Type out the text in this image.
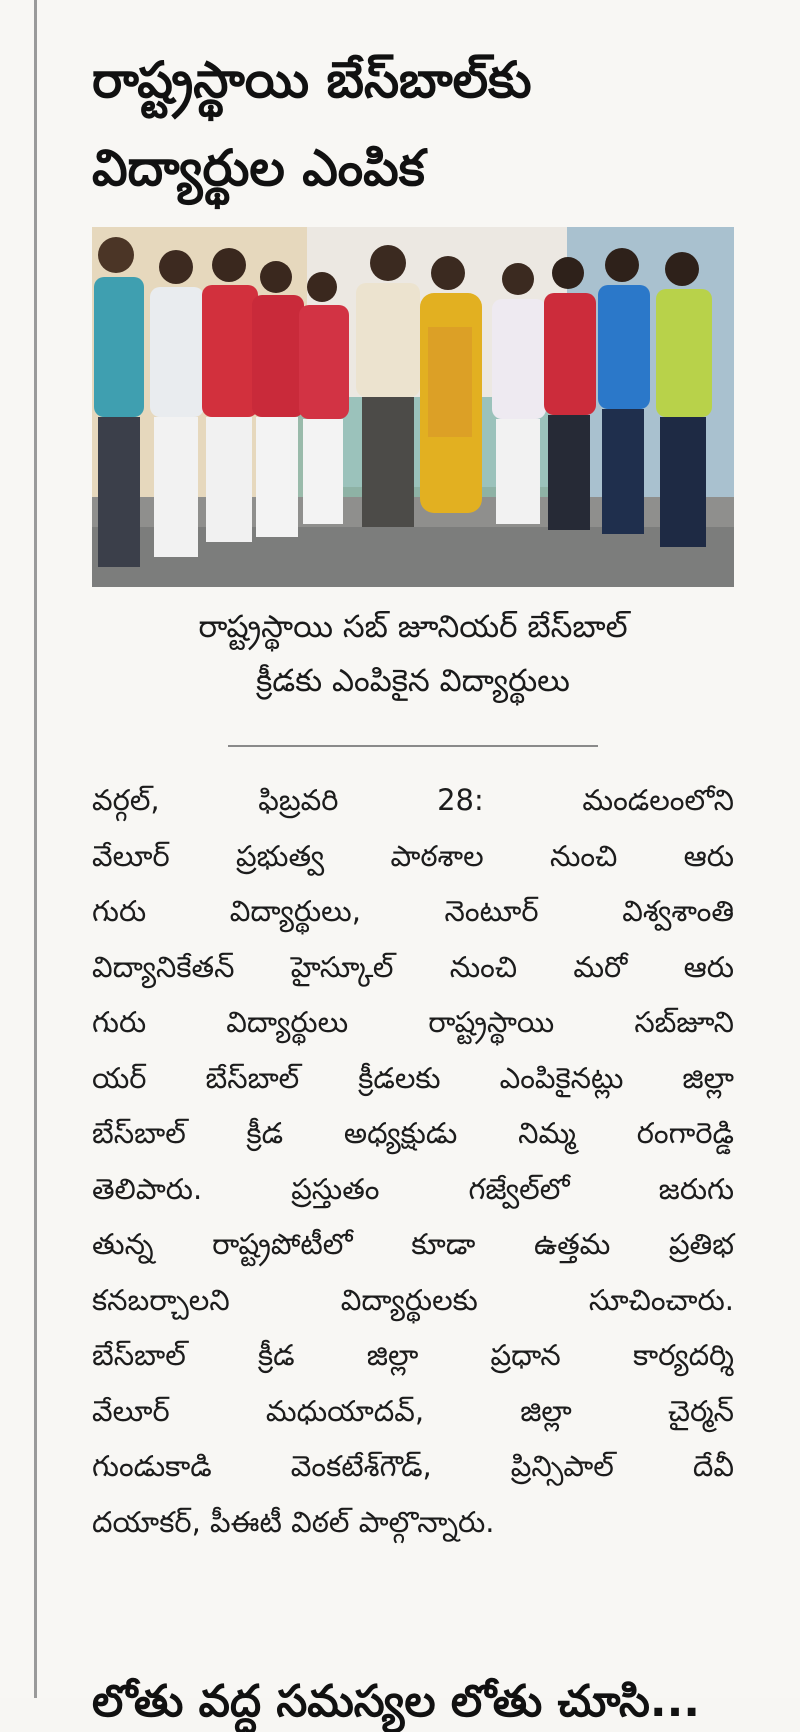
రాష్ట్రస్థాయి బేస్‌బాల్‌కు
విద్యార్థుల ఎంపిక
రాష్ట్రస్థాయి సబ్ జూనియర్ బేస్‌బాల్
క్రీడకు ఎంపికైన విద్యార్థులు
వర్గల్, ఫిబ్రవరి 28: మండలంలోని
వేలూర్ ప్రభుత్వ పాఠశాల నుంచి ఆరు
గురు విద్యార్థులు, నెంటూర్ విశ్వశాంతి
విద్యానికేతన్ హైస్కూల్ నుంచి మరో ఆరు
గురు విద్యార్థులు రాష్ట్రస్థాయి సబ్‌జూని
యర్ బేస్‌బాల్ క్రీడలకు ఎంపికైనట్లు జిల్లా
బేస్‌బాల్ క్రీడ అధ్యక్షుడు నిమ్మ రంగారెడ్డి
తెలిపారు. ప్రస్తుతం గజ్వేల్‌లో జరుగు
తున్న రాష్ట్రపోటీలో కూడా ఉత్తమ ప్రతిభ
కనబర్చాలని విద్యార్థులకు సూచించారు.
బేస్‌బాల్ క్రీడ జిల్లా ప్రధాన కార్యదర్శి
వేలూర్ మధుయాదవ్, జిల్లా చైర్మన్
గుండుకాడి వెంకటేశ్‌గౌడ్, ప్రిన్సిపాల్ దేవీ
దయాకర్, పీఈటీ విఠల్ పాల్గొన్నారు.
లోతు వద్ద సమస్యల లోతు చూసి...
